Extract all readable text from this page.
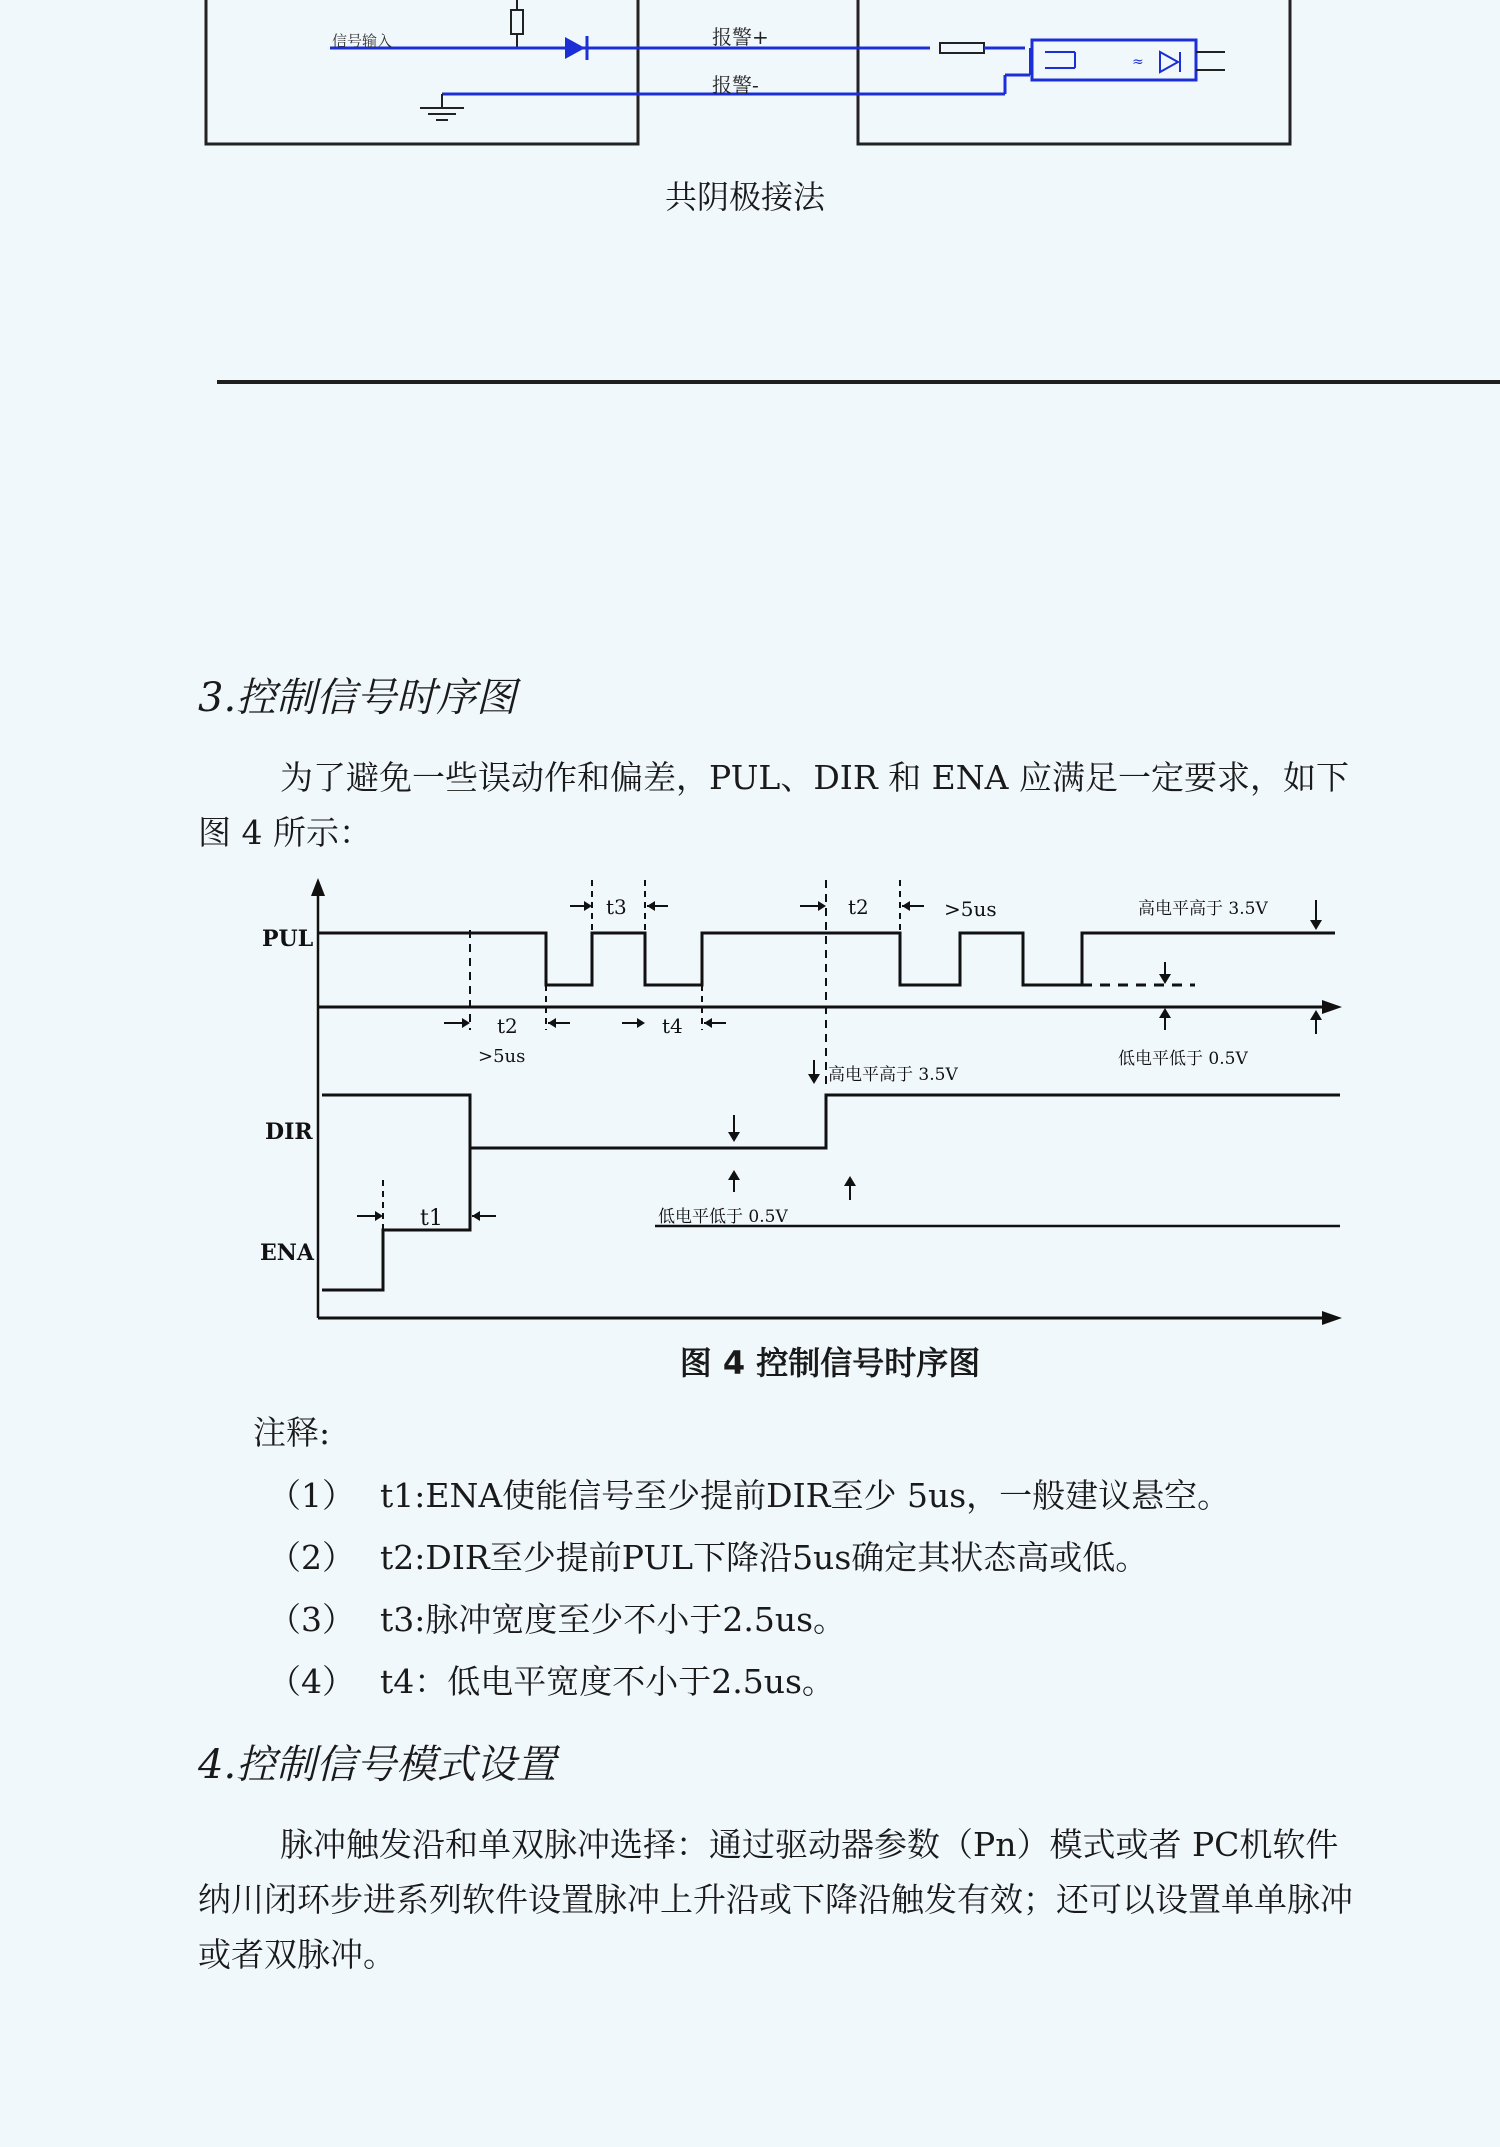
≈
信号输入	报警+
报警-
共阴极接法
3.控制信号时序图
为了避免一些误动作和偏差，PUL、DIR 和 ENA 应满足一定要求，如下图 4 所示：
PUL
DIR
ENA
t3	t2	>5us	高电平高于 3.5V
t2
>5us
t4
低电平低于 0.5V
高电平高于 3.5V
低电平低于 0.5V
t1
图 4 控制信号时序图
注释:
（1） t1:ENA使能信号至少提前DIR至少 5us，一般建议悬空。
（2） t2:DIR至少提前PUL下降沿5us确定其状态高或低。
（3） t3:脉冲宽度至少不小于2.5us。
（4） t4：低电平宽度不小于2.5us。
4.控制信号模式设置
脉冲触发沿和单双脉冲选择：通过驱动器参数（Pn）模式或者 PC机软件 纳川闭环步进系列软件设置脉冲上升沿或下降沿触发有效；还可以设置单单脉冲或者双脉冲。
